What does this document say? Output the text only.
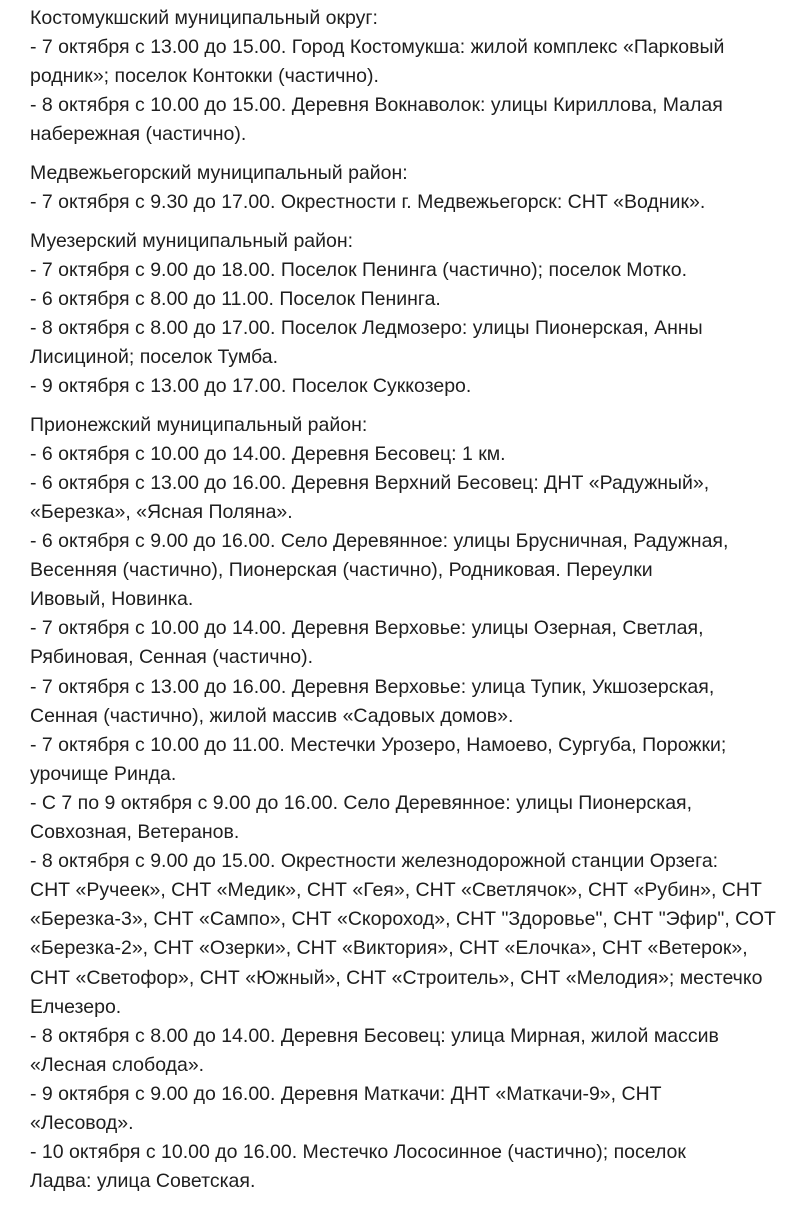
Костомукшский муниципальный округ:
- 7 октября с 13.00 до 15.00. Город Костомукша: жилой комплекс «Парковый
родник»; поселок Контокки (частично).
- 8 октября с 10.00 до 15.00. Деревня Вокнаволок: улицы Кириллова, Малая
набережная (частично).
Медвежьегорский муниципальный район:
- 7 октября с 9.30 до 17.00. Окрестности г. Медвежьегорск: СНТ «Водник».
Муезерский муниципальный район:
- 7 октября с 9.00 до 18.00. Поселок Пенинга (частично); поселок Мотко.
- 6 октября с 8.00 до 11.00. Поселок Пенинга.
- 8 октября с 8.00 до 17.00. Поселок Ледмозеро: улицы Пионерская, Анны
Лисициной; поселок Тумба.
- 9 октября с 13.00 до 17.00. Поселок Суккозеро.
Прионежский муниципальный район:
- 6 октября с 10.00 до 14.00. Деревня Бесовец: 1 км.
- 6 октября с 13.00 до 16.00. Деревня Верхний Бесовец: ДНТ «Радужный»,
«Березка», «Ясная Поляна».
- 6 октября с 9.00 до 16.00. Село Деревянное: улицы Брусничная, Радужная,
Весенняя (частично), Пионерская (частично), Родниковая. Переулки
Ивовый, Новинка.
- 7 октября с 10.00 до 14.00. Деревня Верховье: улицы Озерная, Светлая,
Рябиновая, Сенная (частично).
- 7 октября с 13.00 до 16.00. Деревня Верховье: улица Тупик, Укшозерская,
Сенная (частично), жилой массив «Садовых домов».
- 7 октября с 10.00 до 11.00. Местечки Урозеро, Намоево, Сургуба, Порожки;
урочище Ринда.
- С 7 по 9 октября с 9.00 до 16.00. Село Деревянное: улицы Пионерская,
Совхозная, Ветеранов.
- 8 октября с 9.00 до 15.00. Окрестности железнодорожной станции Орзега:
СНТ «Ручеек», СНТ «Медик», СНТ «Гея», СНТ «Светлячок», СНТ «Рубин», СНТ
«Березка-3», СНТ «Сампо», СНТ «Скороход», СНТ "Здоровье", СНТ "Эфир", СОТ
«Березка-2», СНТ «Озерки», СНТ «Виктория», СНТ «Елочка», СНТ «Ветерок»,
СНТ «Светофор», СНТ «Южный», СНТ «Строитель», СНТ «Мелодия»; местечко
Елчезеро.
- 8 октября с 8.00 до 14.00. Деревня Бесовец: улица Мирная, жилой массив
«Лесная слобода».
- 9 октября с 9.00 до 16.00. Деревня Маткачи: ДНТ «Маткачи-9», СНТ
«Лесовод».
- 10 октября с 10.00 до 16.00. Местечко Лососинное (частично); поселок
Ладва: улица Советская.
